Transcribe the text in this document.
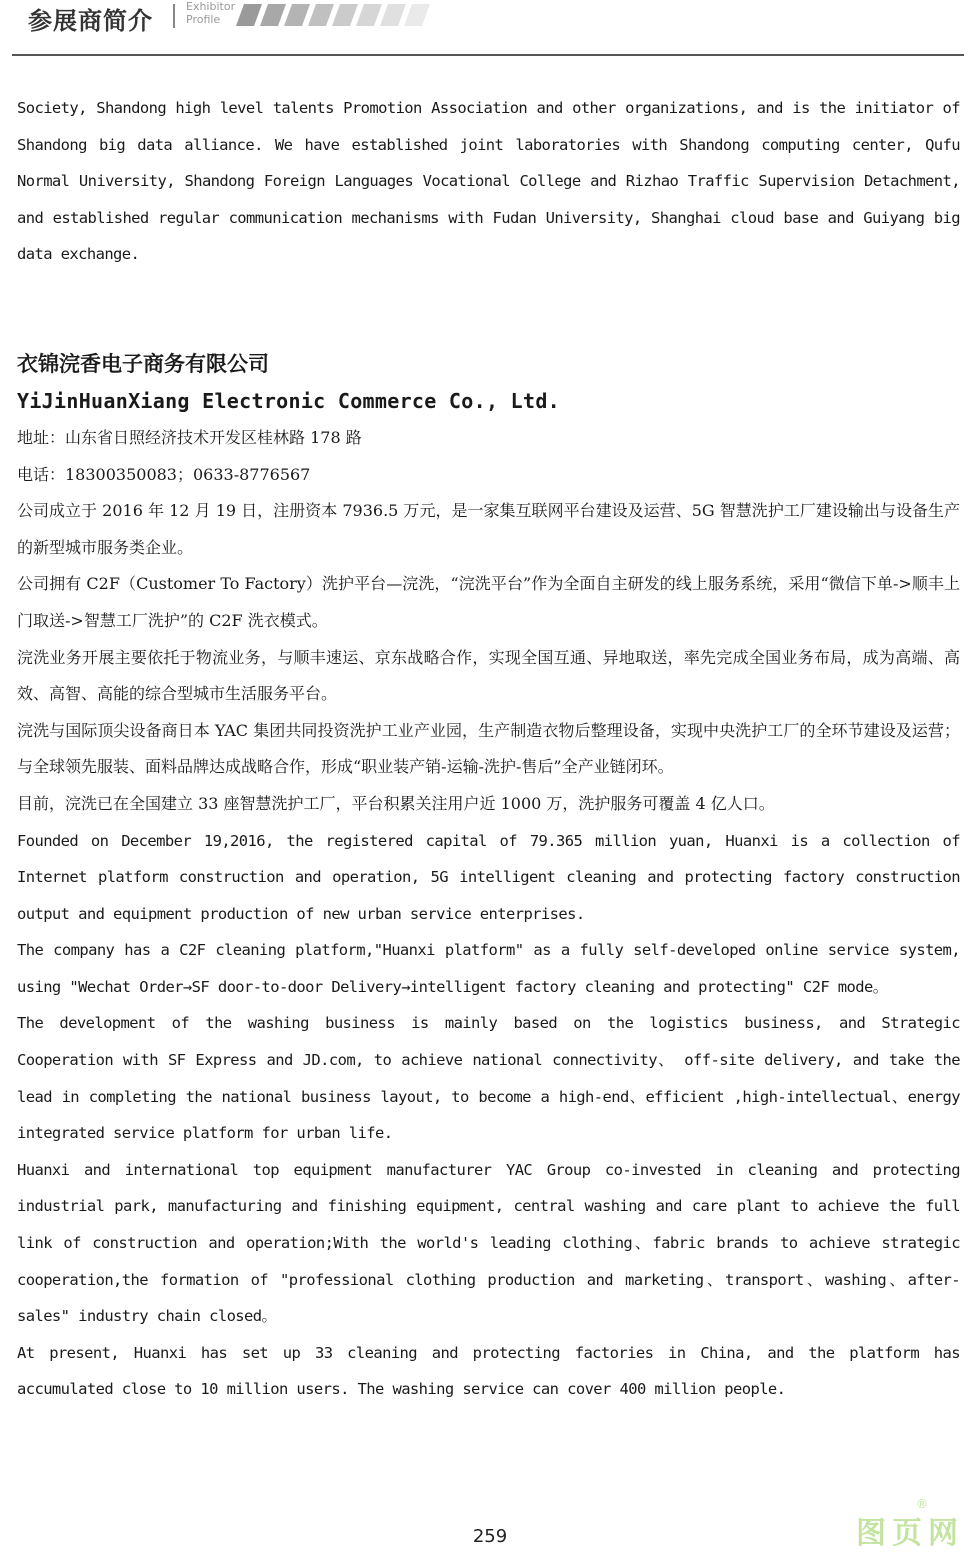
参展商简介
Exhibitor
Profile

Society, Shandong high level talents Promotion Association and other organizations, and is the initiator of Shandong big data alliance. We have established joint laboratories with Shandong computing center, Qufu Normal University, Shandong Foreign Languages Vocational College and Rizhao Traffic Supervision Detachment, and established regular communication mechanisms with Fudan University, Shanghai cloud base and Guiyang big data exchange.

衣锦浣香电子商务有限公司

YiJinHuanXiang Electronic Commerce Co., Ltd.

地址：山东省日照经济技术开发区桂林路 178 路

电话：18300350083；0633-8776567

公司成立于 2016 年 12 月 19 日，注册资本 7936.5 万元，是一家集互联网平台建设及运营、5G 智慧洗护工厂建设输出与设备生产的新型城市服务类企业。

公司拥有 C2F（Customer To Factory）洗护平台—浣洗，“浣洗平台”作为全面自主研发的线上服务系统，采用“微信下单->顺丰上门取送->智慧工厂洗护”的 C2F 洗衣模式。

浣洗业务开展主要依托于物流业务，与顺丰速运、京东战略合作，实现全国互通、异地取送，率先完成全国业务布局，成为高端、高效、高智、高能的综合型城市生活服务平台。

浣洗与国际顶尖设备商日本 YAC 集团共同投资洗护工业产业园，生产制造衣物后整理设备，实现中央洗护工厂的全环节建设及运营；与全球领先服装、面料品牌达成战略合作，形成“职业装产销-运输-洗护-售后”全产业链闭环。

目前，浣洗已在全国建立 33 座智慧洗护工厂，平台积累关注用户近 1000 万，洗护服务可覆盖 4 亿人口。

Founded on December 19,2016, the registered capital of 79.365 million yuan, Huanxi is a collection of Internet platform construction and operation, 5G intelligent cleaning and protecting factory construction output and equipment production of new urban service enterprises.

The company has a C2F cleaning platform,"Huanxi platform" as a fully self-developed online service system, using "Wechat Order→SF door-to-door Delivery→intelligent factory cleaning and protecting" C2F mode。

The development of the washing business is mainly based on the logistics business, and Strategic Cooperation with SF Express and JD.com, to achieve national connectivity、 off-site delivery, and take the lead in completing the national business layout, to become a high-end、efficient ,high-intellectual、energy integrated service platform for urban life.

Huanxi and international top equipment manufacturer YAC Group co-invested in cleaning and protecting industrial park, manufacturing and finishing equipment, central washing and care plant to achieve the full link of construction and operation;With the world's leading clothing、fabric brands to achieve strategic cooperation,the formation of "professional clothing production and marketing、transport、washing、after-sales" industry chain closed。

At present, Huanxi has set up 33 cleaning and protecting factories in China, and the platform has accumulated close to 10 million users. The washing service can cover 400 million people.

259	图页网
®
